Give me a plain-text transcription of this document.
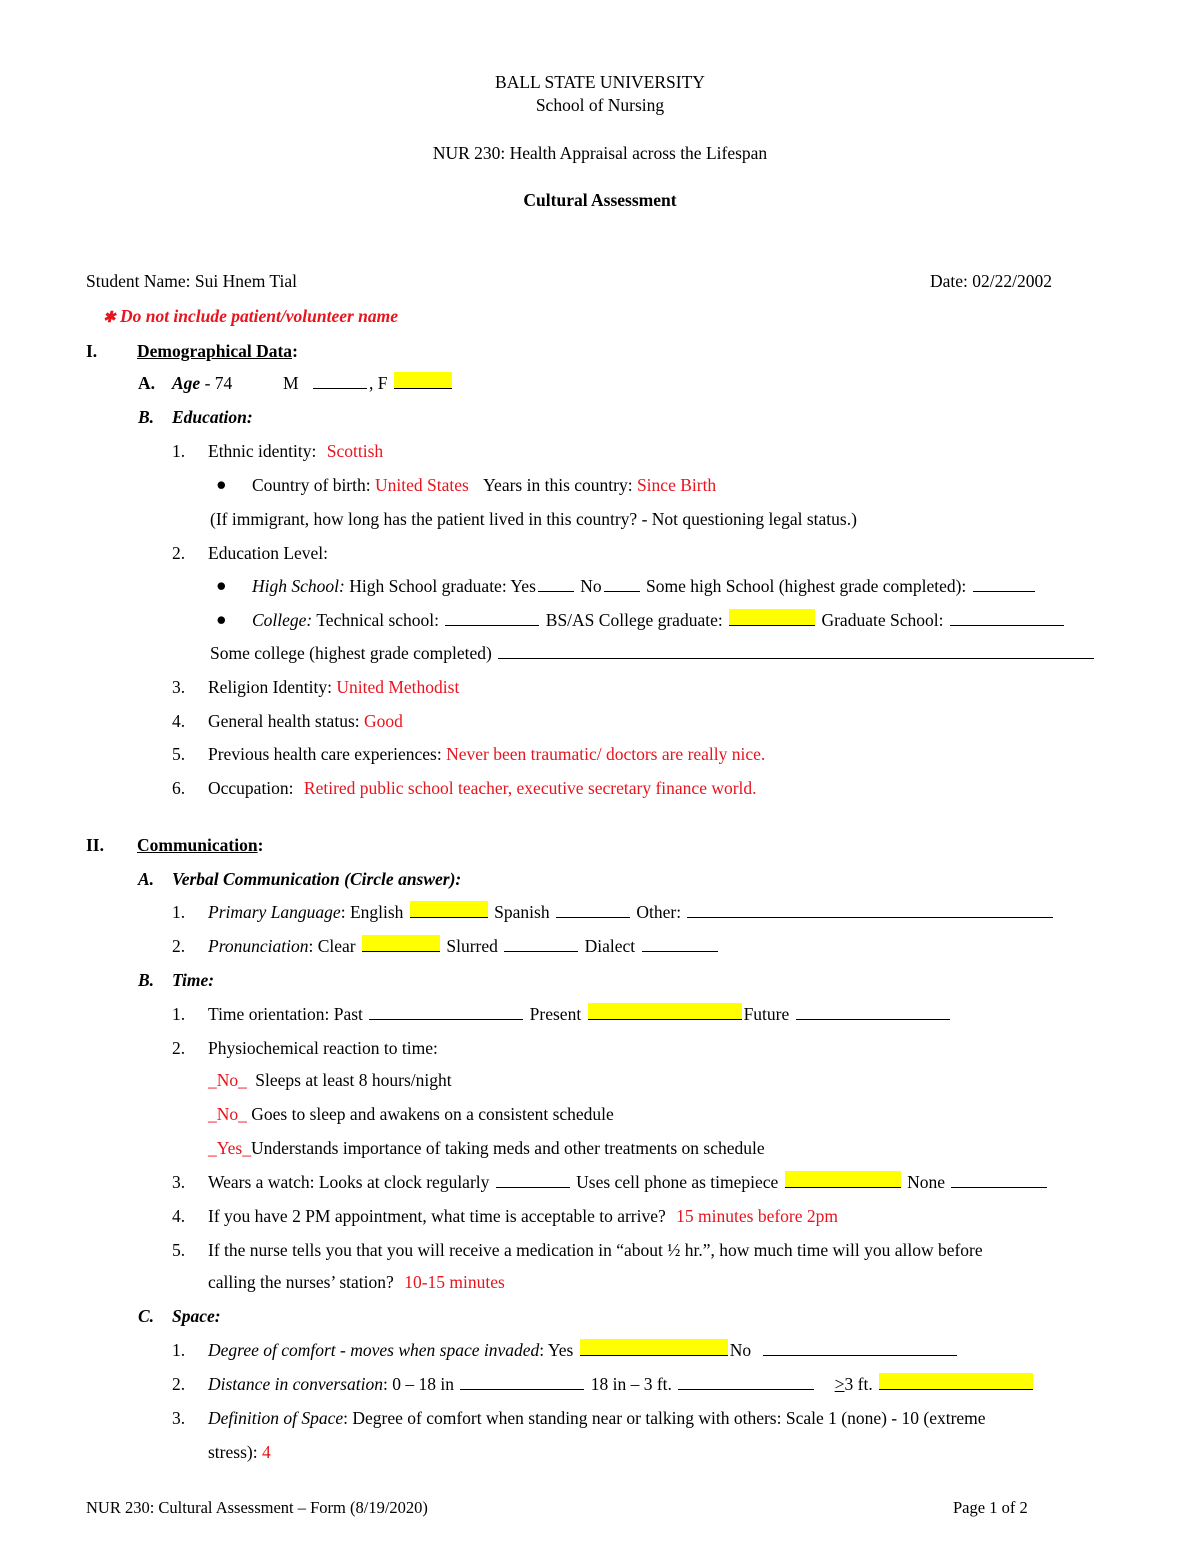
BALL STATE UNIVERSITY
School of Nursing
NUR 230: Health Appraisal across the Lifespan
Cultural Assessment
Student Name: Sui Hnem Tial	Date: 02/22/2002
✱ Do not include patient/volunteer name
I. Demographical Data:
A. Age - 74	M	, F
B. Education:
1. Ethnic identity: Scottish
● Country of birth: United States Years in this country: Since Birth
(If immigrant, how long has the patient lived in this country? - Not questioning legal status.)
2. Education Level:
● High School: High School graduate: Yes	No	Some high School (highest grade completed):
● College: Technical school:	BS/AS College graduate:	Graduate School:
Some college (highest grade completed)
3. Religion Identity: United Methodist
4. General health status: Good
5. Previous health care experiences: Never been traumatic/ doctors are really nice.
6. Occupation: Retired public school teacher, executive secretary finance world.
II. Communication:
A. Verbal Communication (Circle answer):
1. Primary Language: English	Spanish	Other:
2. Pronunciation: Clear	Slurred	Dialect
B. Time:
1. Time orientation: Past	Present	Future
2. Physiochemical reaction to time:
_No_ Sleeps at least 8 hours/night
_No_ Goes to sleep and awakens on a consistent schedule
_Yes_Understands importance of taking meds and other treatments on schedule
3. Wears a watch: Looks at clock regularly	Uses cell phone as timepiece	None
4. If you have 2 PM appointment, what time is acceptable to arrive? 15 minutes before 2pm
5. If the nurse tells you that you will receive a medication in “about ½ hr.”, how much time will you allow before
calling the nurses’ station? 10-15 minutes
C. Space:
1. Degree of comfort - moves when space invaded: Yes	No
2. Distance in conversation: 0 – 18 in	18 in – 3 ft.	>3 ft.
3. Definition of Space: Degree of comfort when standing near or talking with others: Scale 1 (none) - 10 (extreme
stress): 4
NUR 230: Cultural Assessment – Form (8/19/2020)	Page 1 of 2
